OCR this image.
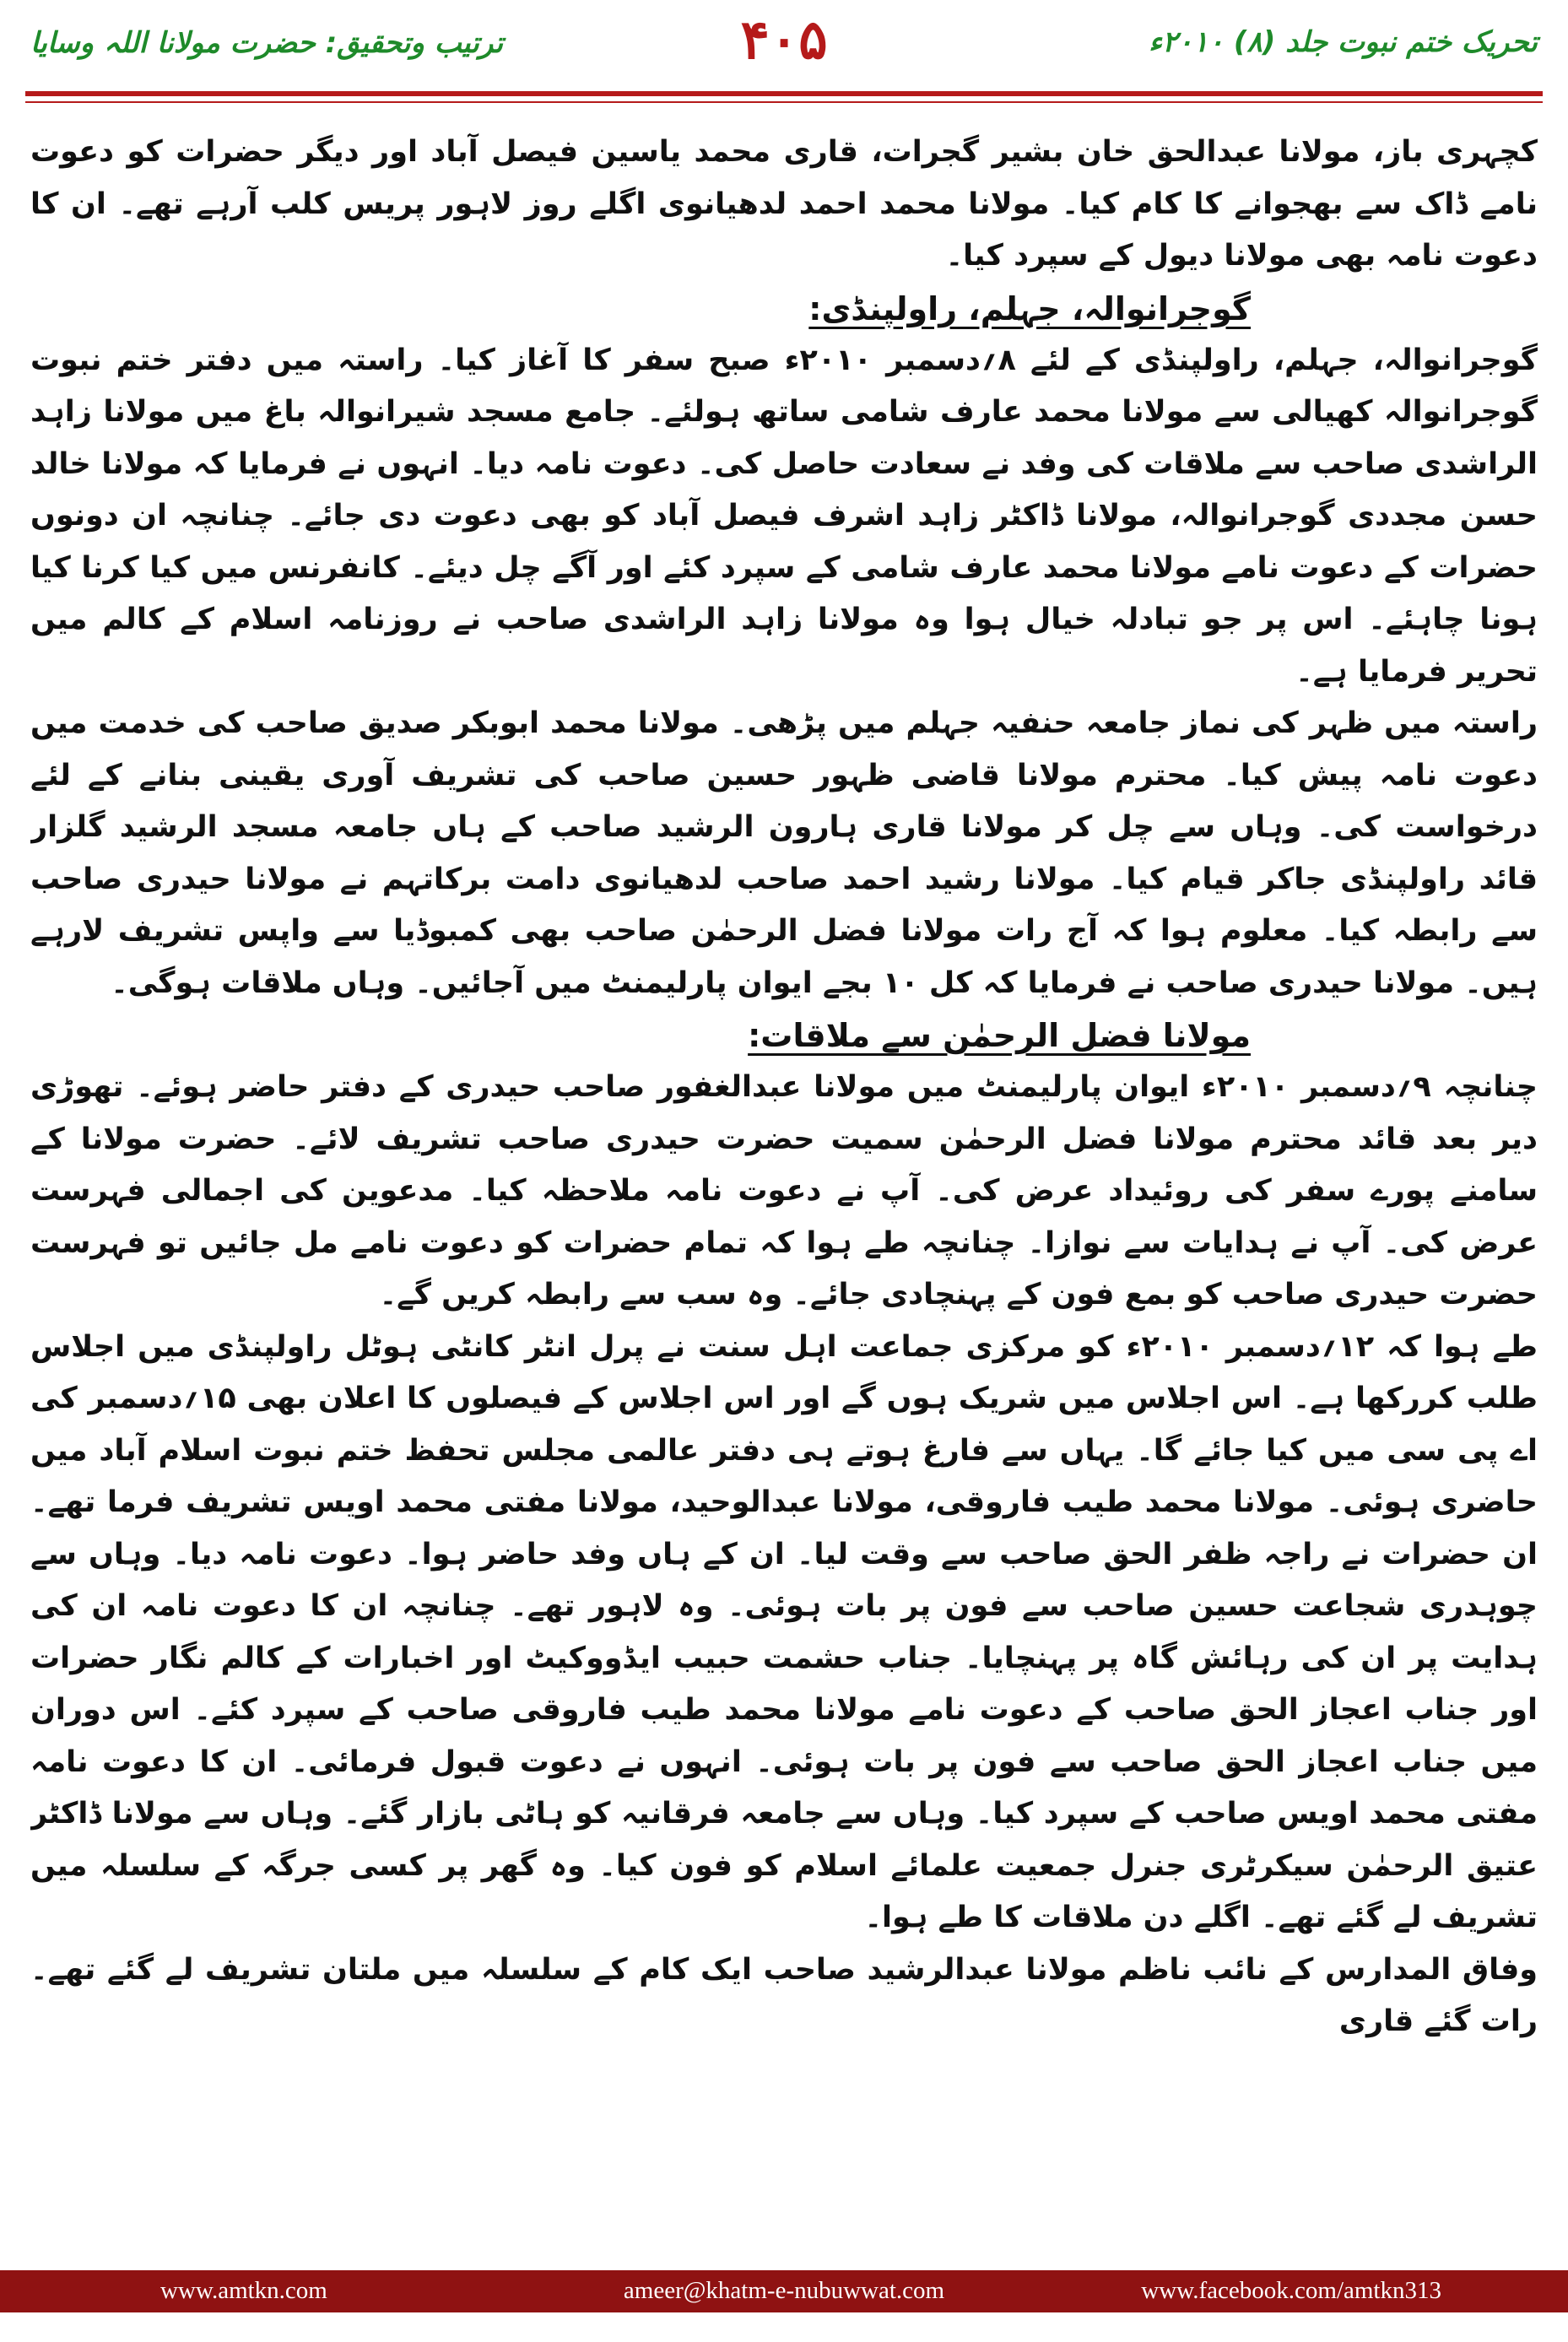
ترتیب وتحقیق: حضرت مولانا اللہ وسایا	۴۰۵	تحریک ختم نبوت جلد (۸) ۲۰۱۰ء

کچہری باز، مولانا عبدالحق خان بشیر گجرات، قاری محمد یاسین فیصل آباد اور دیگر حضرات کو دعوت نامے ڈاک سے بھجوانے کا کام کیا۔ مولانا محمد احمد لدھیانوی اگلے روز لاہور پریس کلب آرہے تھے۔ ان کا دعوت نامہ بھی مولانا دیول کے سپرد کیا۔

گوجرانوالہ، جہلم، راولپنڈی:

گوجرانوالہ، جہلم، راولپنڈی کے لئے ۸؍دسمبر ۲۰۱۰ء صبح سفر کا آغاز کیا۔ راستہ میں دفتر ختم نبوت گوجرانوالہ کھیالی سے مولانا محمد عارف شامی ساتھ ہولئے۔ جامع مسجد شیرانوالہ باغ میں مولانا زاہد الراشدی صاحب سے ملاقات کی وفد نے سعادت حاصل کی۔ دعوت نامہ دیا۔ انہوں نے فرمایا کہ مولانا خالد حسن مجددی گوجرانوالہ، مولانا ڈاکٹر زاہد اشرف فیصل آباد کو بھی دعوت دی جائے۔ چنانچہ ان دونوں حضرات کے دعوت نامے مولانا محمد عارف شامی کے سپرد کئے اور آگے چل دیئے۔ کانفرنس میں کیا کرنا کیا ہونا چاہئے۔ اس پر جو تبادلہ خیال ہوا وہ مولانا زاہد الراشدی صاحب نے روزنامہ اسلام کے کالم میں تحریر فرمایا ہے۔

راستہ میں ظہر کی نماز جامعہ حنفیہ جہلم میں پڑھی۔ مولانا محمد ابوبکر صدیق صاحب کی خدمت میں دعوت نامہ پیش کیا۔ محترم مولانا قاضی ظہور حسین صاحب کی تشریف آوری یقینی بنانے کے لئے درخواست کی۔ وہاں سے چل کر مولانا قاری ہارون الرشید صاحب کے ہاں جامعہ مسجد الرشید گلزار قائد راولپنڈی جاکر قیام کیا۔ مولانا رشید احمد صاحب لدھیانوی دامت برکاتہم نے مولانا حیدری صاحب سے رابطہ کیا۔ معلوم ہوا کہ آج رات مولانا فضل الرحمٰن صاحب بھی کمبوڈیا سے واپس تشریف لارہے ہیں۔ مولانا حیدری صاحب نے فرمایا کہ کل ۱۰ بجے ایوان پارلیمنٹ میں آجائیں۔ وہاں ملاقات ہوگی۔

مولانا فضل الرحمٰن سے ملاقات:

چنانچہ ۹؍دسمبر ۲۰۱۰ء ایوان پارلیمنٹ میں مولانا عبدالغفور صاحب حیدری کے دفتر حاضر ہوئے۔ تھوڑی دیر بعد قائد محترم مولانا فضل الرحمٰن سمیت حضرت حیدری صاحب تشریف لائے۔ حضرت مولانا کے سامنے پورے سفر کی روئیداد عرض کی۔ آپ نے دعوت نامہ ملاحظہ کیا۔ مدعوین کی اجمالی فہرست عرض کی۔ آپ نے ہدایات سے نوازا۔ چنانچہ طے ہوا کہ تمام حضرات کو دعوت نامے مل جائیں تو فہرست حضرت حیدری صاحب کو بمع فون کے پہنچادی جائے۔ وہ سب سے رابطہ کریں گے۔

طے ہوا کہ ۱۲؍دسمبر ۲۰۱۰ء کو مرکزی جماعت اہل سنت نے پرل انٹر کانٹی ہوٹل راولپنڈی میں اجلاس طلب کررکھا ہے۔ اس اجلاس میں شریک ہوں گے اور اس اجلاس کے فیصلوں کا اعلان بھی ۱۵؍دسمبر کی اے پی سی میں کیا جائے گا۔ یہاں سے فارغ ہوتے ہی دفتر عالمی مجلس تحفظ ختم نبوت اسلام آباد میں حاضری ہوئی۔ مولانا محمد طیب فاروقی، مولانا عبدالوحید، مولانا مفتی محمد اویس تشریف فرما تھے۔ ان حضرات نے راجہ ظفر الحق صاحب سے وقت لیا۔ ان کے ہاں وفد حاضر ہوا۔ دعوت نامہ دیا۔ وہاں سے چوہدری شجاعت حسین صاحب سے فون پر بات ہوئی۔ وہ لاہور تھے۔ چنانچہ ان کا دعوت نامہ ان کی ہدایت پر ان کی رہائش گاہ پر پہنچایا۔ جناب حشمت حبیب ایڈووکیٹ اور اخبارات کے کالم نگار حضرات اور جناب اعجاز الحق صاحب کے دعوت نامے مولانا محمد طیب فاروقی صاحب کے سپرد کئے۔ اس دوران میں جناب اعجاز الحق صاحب سے فون پر بات ہوئی۔ انہوں نے دعوت قبول فرمائی۔ ان کا دعوت نامہ مفتی محمد اویس صاحب کے سپرد کیا۔ وہاں سے جامعہ فرقانیہ کو ہاٹی بازار گئے۔ وہاں سے مولانا ڈاکٹر عتیق الرحمٰن سیکرٹری جنرل جمعیت علمائے اسلام کو فون کیا۔ وہ گھر پر کسی جرگہ کے سلسلہ میں تشریف لے گئے تھے۔ اگلے دن ملاقات کا طے ہوا۔

وفاق المدارس کے نائب ناظم مولانا عبدالرشید صاحب ایک کام کے سلسلہ میں ملتان تشریف لے گئے تھے۔ رات گئے قاری

www.amtkn.com	ameer@khatm-e-nubuwwat.com	www.facebook.com/amtkn313
